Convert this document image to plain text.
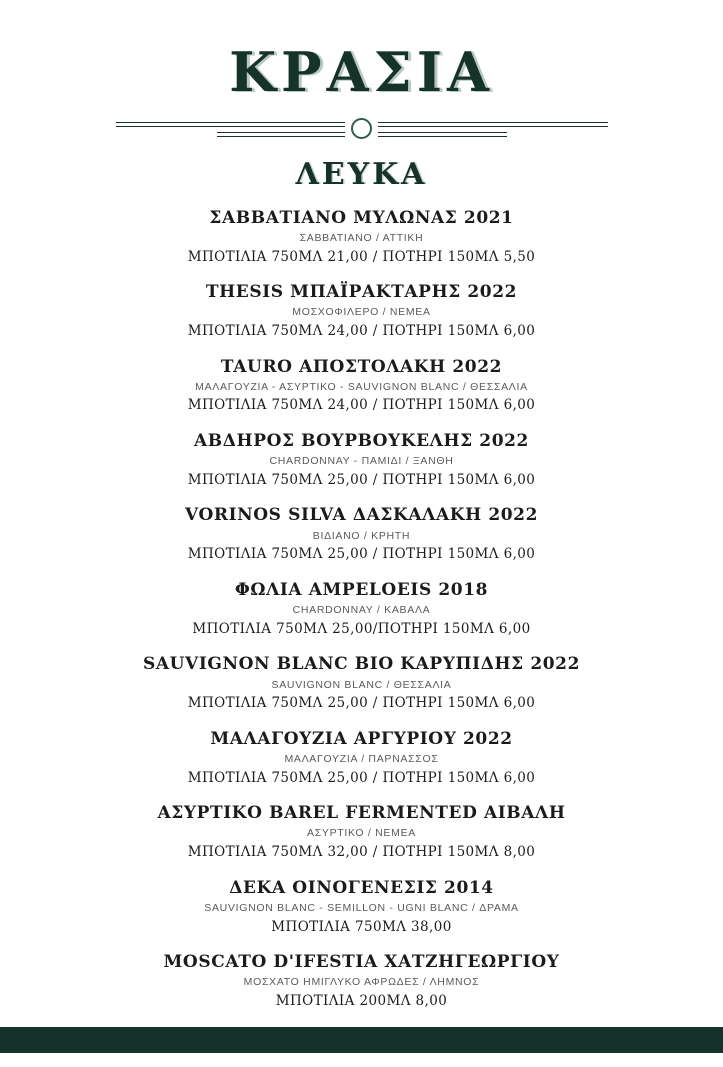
ΚΡΑΣΙΑ
ΛΕΥΚΑ
ΣΑΒΒΑΤΙΑΝΟ ΜΥΛΩΝΑΣ 2021
ΣΑΒΒΑΤΙΑΝΟ / ΑΤΤΙΚΗ
ΜΠΟΤΙΛΙΑ 750ΜΛ 21,00 / ΠΟΤΗΡΙ 150ΜΛ 5,50
THESIS ΜΠΑΪΡΑΚΤΑΡΗΣ 2022
ΜΟΣΧΟΦΙΛΕΡΟ / ΝΕΜΕΑ
ΜΠΟΤΙΛΙΑ 750ΜΛ 24,00 / ΠΟΤΗΡΙ 150ΜΛ 6,00
TAURO ΑΠΟΣΤΟΛΑΚΗ 2022
ΜΑΛΑΓΟΥΖΙΑ - ΑΣΥΡΤΙΚΟ - SAUVIGNON BLANC / ΘΕΣΣΑΛΙΑ
ΜΠΟΤΙΛΙΑ 750ΜΛ 24,00 / ΠΟΤΗΡΙ 150ΜΛ 6,00
ΑΒΔΗΡΟΣ ΒΟΥΡΒΟΥΚΕΛΗΣ 2022
CHARDONNAY - ΠΑΜΙΔΙ / ΞΑΝΘΗ
ΜΠΟΤΙΛΙΑ 750ΜΛ 25,00 / ΠΟΤΗΡΙ 150ΜΛ 6,00
VORINOS SILVA ΔΑΣΚΑΛΑΚΗ 2022
ΒΙΔΙΑΝΟ / ΚΡΗΤΗ
ΜΠΟΤΙΛΙΑ 750ΜΛ 25,00 / ΠΟΤΗΡΙ 150ΜΛ 6,00
ΦΩΛΙΑ AMPELOEIS 2018
CHARDONNAY / ΚΑΒΑΛΑ
ΜΠΟΤΙΛΙΑ 750ΜΛ 25,00/ΠΟΤΗΡΙ 150ΜΛ 6,00
SAUVIGNON BLANC BIO ΚΑΡΥΠΙΔΗΣ 2022
SAUVIGNON BLANC / ΘΕΣΣΑΛΙΑ
ΜΠΟΤΙΛΙΑ 750ΜΛ 25,00 / ΠΟΤΗΡΙ 150ΜΛ 6,00
ΜΑΛΑΓΟΥΖΙΑ ΑΡΓΥΡΙΟΥ 2022
ΜΑΛΑΓΟΥΖΙΑ / ΠΑΡΝΑΣΣΟΣ
ΜΠΟΤΙΛΙΑ 750ΜΛ 25,00 / ΠΟΤΗΡΙ 150ΜΛ 6,00
ΑΣΥΡΤΙΚΟ BAREL FERMENTED ΑΙΒΑΛΗ
ΑΣΥΡΤΙΚΟ / ΝΕΜΕΑ
ΜΠΟΤΙΛΙΑ 750ΜΛ 32,00 / ΠΟΤΗΡΙ 150ΜΛ 8,00
ΔΕΚΑ ΟΙΝΟΓΕΝΕΣΙΣ 2014
SAUVIGNON BLANC - SEMILLON - UGNI BLANC / ΔΡΑΜΑ
ΜΠΟΤΙΛΙΑ 750ΜΛ 38,00
MOSCATO D'IFESTIA ΧΑΤΖΗΓΕΩΡΓΙΟΥ
ΜΟΣΧΑΤΟ ΗΜΙΓΛΥΚΟ ΑΦΡΩΔΕΣ / ΛΗΜΝΟΣ
ΜΠΟΤΙΛΙΑ 200ΜΛ 8,00
